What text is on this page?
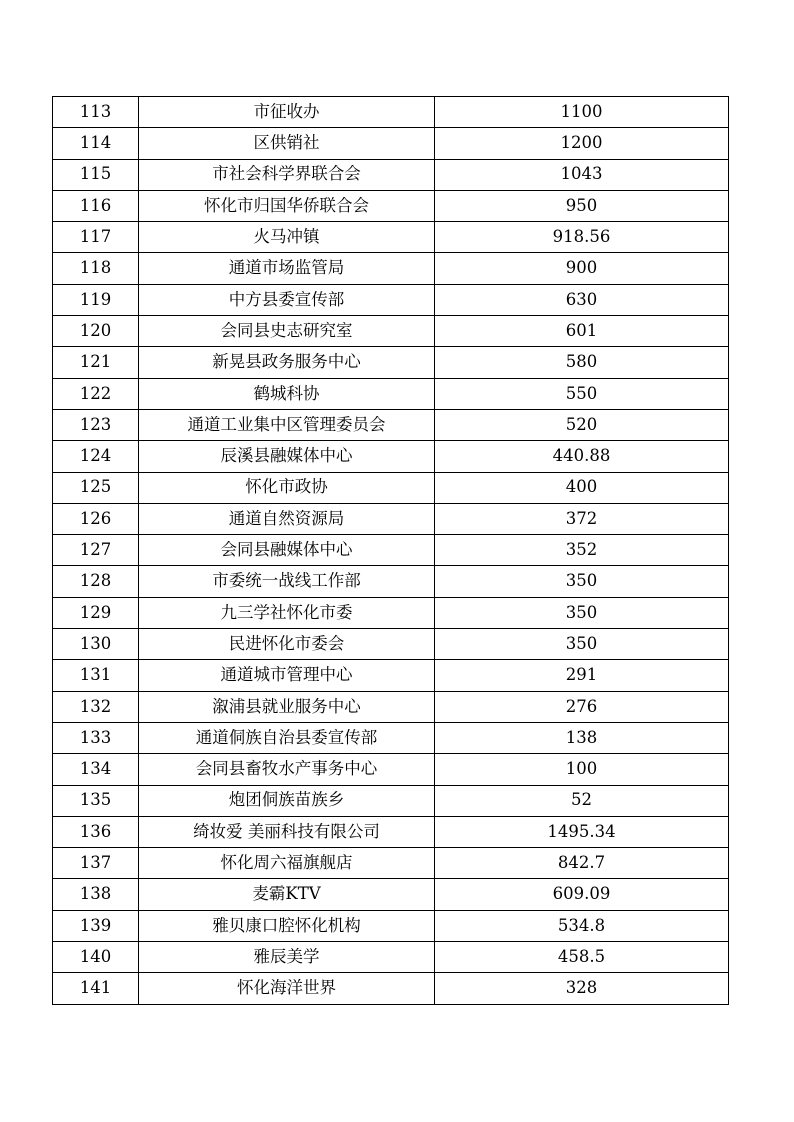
113	市征收办	1100
114	区供销社	1200
115	市社会科学界联合会	1043
116	怀化市归国华侨联合会	950
117	火马冲镇	918.56
118	通道市场监管局	900
119	中方县委宣传部	630
120	会同县史志研究室	601
121	新晃县政务服务中心	580
122	鹤城科协	550
123	通道工业集中区管理委员会	520
124	辰溪县融媒体中心	440.88
125	怀化市政协	400
126	通道自然资源局	372
127	会同县融媒体中心	352
128	市委统一战线工作部	350
129	九三学社怀化市委	350
130	民进怀化市委会	350
131	通道城市管理中心	291
132	溆浦县就业服务中心	276
133	通道侗族自治县委宣传部	138
134	会同县畜牧水产事务中心	100
135	炮团侗族苗族乡	52
136	绮妆爱 美丽科技有限公司	1495.34
137	怀化周六福旗舰店	842.7
138	麦霸KTV	609.09
139	雅贝康口腔怀化机构	534.8
140	雅辰美学	458.5
141	怀化海洋世界	328
